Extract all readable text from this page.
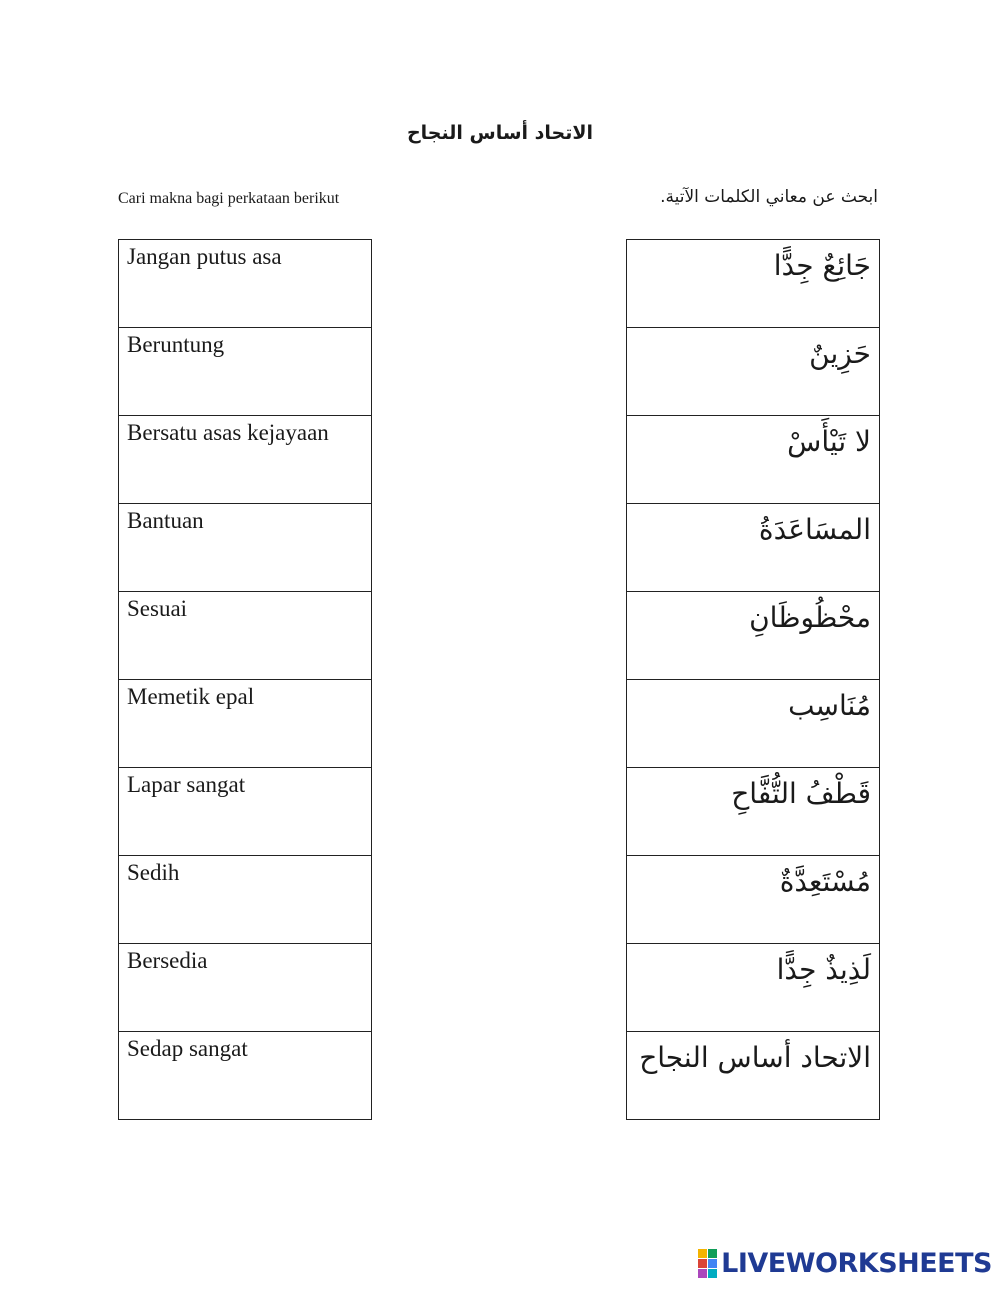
الاتحاد أساس النجاح
Cari makna bagi perkataan berikut	ابحث عن معاني الكلمات الآتية.
Jangan putus asa

Beruntung

Bersatu asas kejayaan

Bantuan

Sesuai

Memetik epal

Lapar sangat

Sedih

Bersedia

Sedap sangat
جَائِعٌ جِدًّا

حَزِينٌ

لا تَيْأَسْ

المسَاعَدَةُ

محْظُوظَانِ

مُنَاسِب

قَطْفُ التُّفَّاحِ

مُسْتَعِدَّةٌ

لَذِيذٌ جِدًّا

الاتحاد أساس النجاح
LIVEWORKSHEETS
